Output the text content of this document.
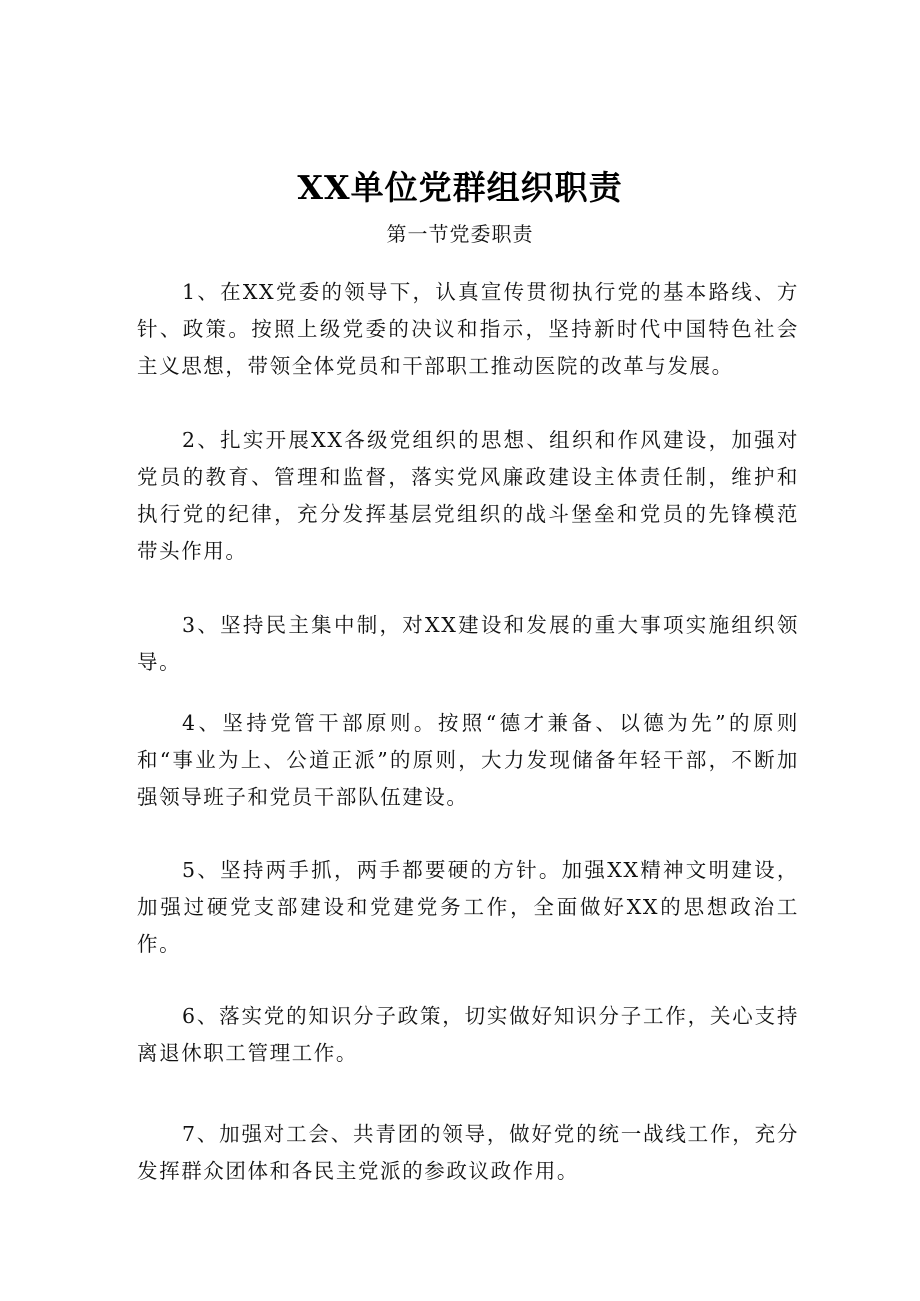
XX单位党群组织职责
第一节党委职责

1、在XX党委的领导下，认真宣传贯彻执行党的基本路线、方针、政策。按照上级党委的决议和指示，坚持新时代中国特色社会主义思想，带领全体党员和干部职工推动医院的改革与发展。

2、扎实开展XX各级党组织的思想、组织和作风建设，加强对党员的教育、管理和监督，落实党风廉政建设主体责任制，维护和执行党的纪律，充分发挥基层党组织的战斗堡垒和党员的先锋模范带头作用。

3、坚持民主集中制，对XX建设和发展的重大事项实施组织领导。

4、坚持党管干部原则。按照“德才兼备、以德为先”的原则和“事业为上、公道正派”的原则，大力发现储备年轻干部，不断加强领导班子和党员干部队伍建设。

5、坚持两手抓，两手都要硬的方针。加强XX精神文明建设，加强过硬党支部建设和党建党务工作，全面做好XX的思想政治工作。

6、落实党的知识分子政策，切实做好知识分子工作，关心支持离退休职工管理工作。

7、加强对工会、共青团的领导，做好党的统一战线工作，充分发挥群众团体和各民主党派的参政议政作用。
